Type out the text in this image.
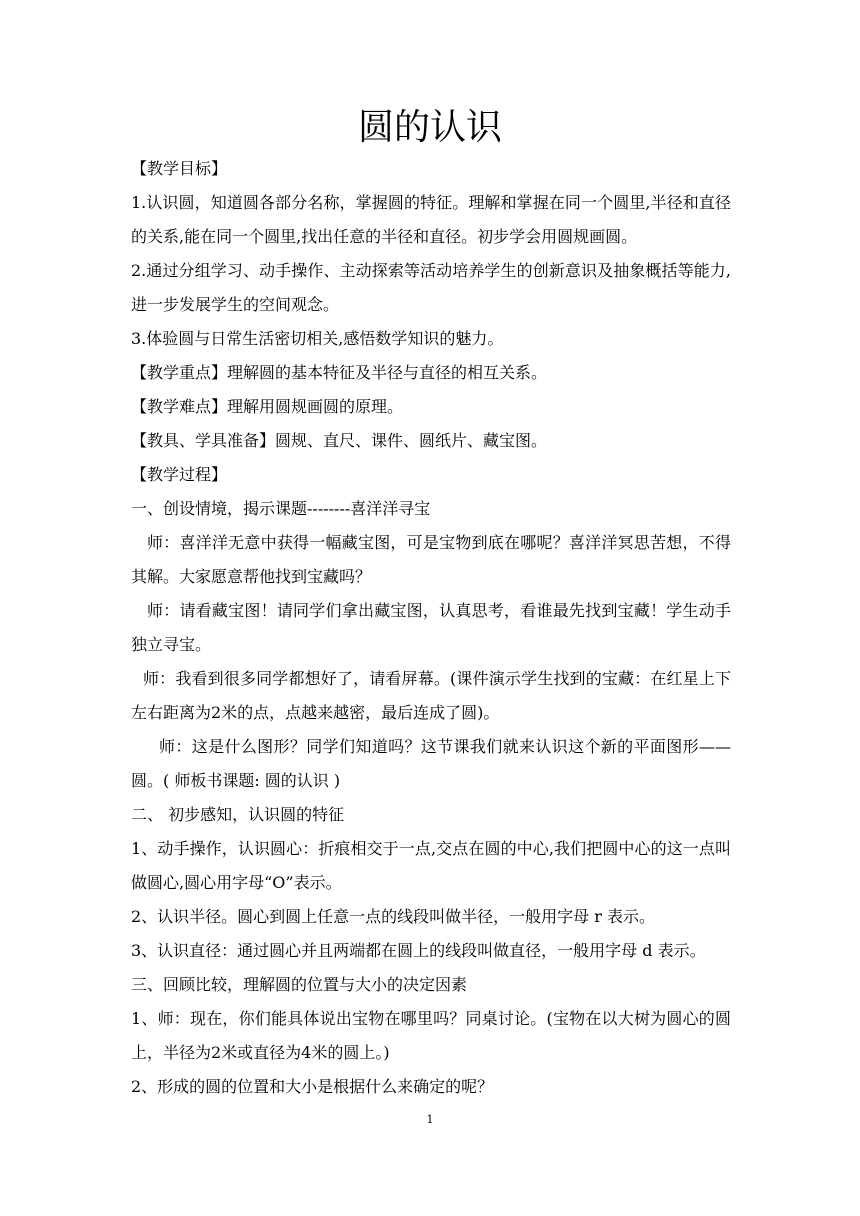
圆的认识

【教学目标】

1.认识圆，知道圆各部分名称，掌握圆的特征。理解和掌握在同一个圆里,半径和直径的关系,能在同一个圆里,找出任意的半径和直径。初步学会用圆规画圆。

2.通过分组学习、动手操作、主动探索等活动培养学生的创新意识及抽象概括等能力,进一步发展学生的空间观念。

3.体验圆与日常生活密切相关,感悟数学知识的魅力。

【教学重点】理解圆的基本特征及半径与直径的相互关系。

【教学难点】理解用圆规画圆的原理。

【教具、学具准备】圆规、直尺、课件、圆纸片、藏宝图。

【教学过程】

一、创设情境，揭示课题--------喜洋洋寻宝

师：喜洋洋无意中获得一幅藏宝图，可是宝物到底在哪呢？喜洋洋冥思苦想，不得其解。大家愿意帮他找到宝藏吗？

师：请看藏宝图！请同学们拿出藏宝图，认真思考，看谁最先找到宝藏！学生动手独立寻宝。

师：我看到很多同学都想好了，请看屏幕。(课件演示学生找到的宝藏：在红星上下左右距离为2米的点，点越来越密，最后连成了圆)。

师：这是什么图形？同学们知道吗？这节课我们就来认识这个新的平面图形——圆。( 师板书课题: 圆的认识 )

二、 初步感知，认识圆的特征

1、动手操作，认识圆心：折痕相交于一点,交点在圆的中心,我们把圆中心的这一点叫做圆心,圆心用字母“O”表示。

2、认识半径。圆心到圆上任意一点的线段叫做半径，一般用字母 r 表示。

3、认识直径：通过圆心并且两端都在圆上的线段叫做直径，一般用字母 d 表示。

三、回顾比较，理解圆的位置与大小的决定因素

1、师：现在，你们能具体说出宝物在哪里吗？同桌讨论。(宝物在以大树为圆心的圆上，半径为2米或直径为4米的圆上。)

2、形成的圆的位置和大小是根据什么来确定的呢？

1
